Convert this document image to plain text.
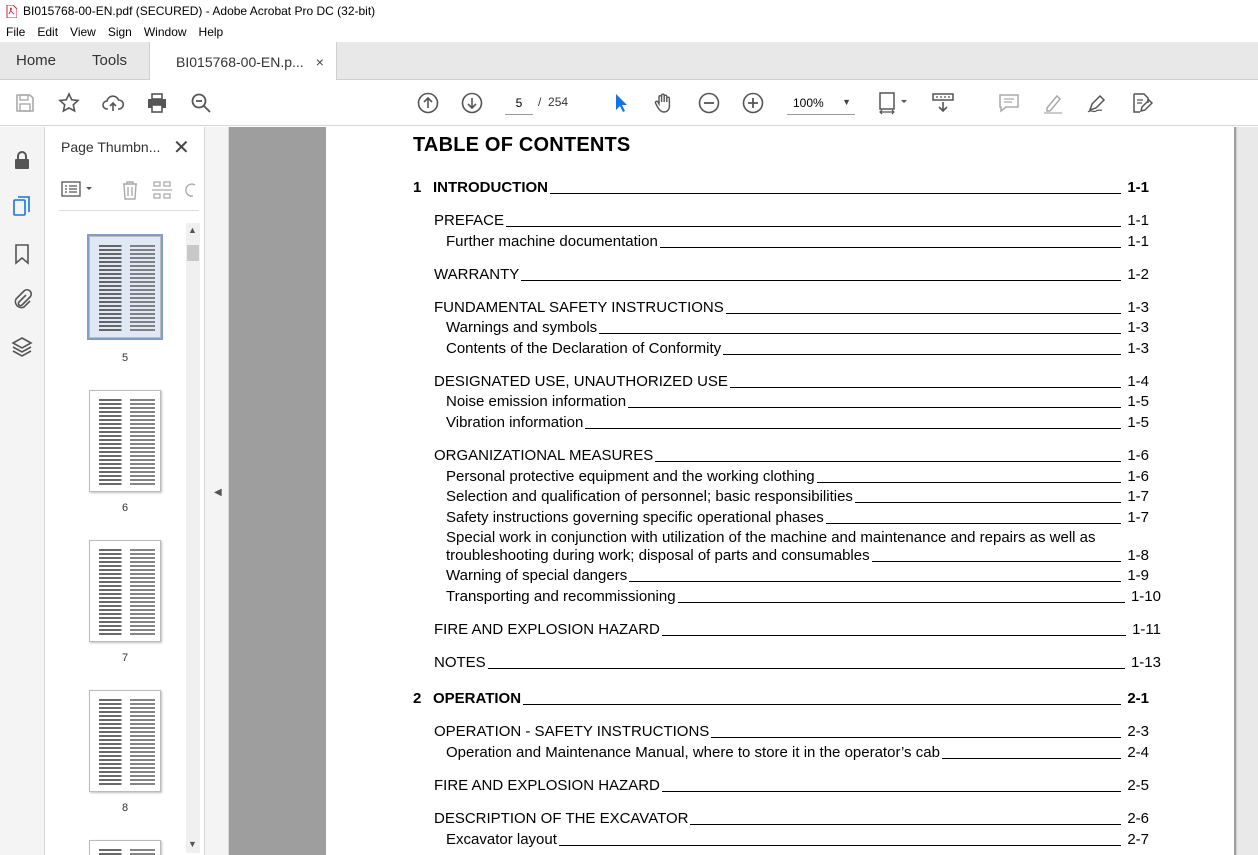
BI015768-00-EN.pdf (SECURED) - Adobe Acrobat Pro DC (32-bit)
File Edit View Sign Window Help
Home	Tools	BI015768-00-EN.p... ×
5	/ 254	100% ▼
Page Thumbn... ✕
5
6
7
8
▲
▼
◀
TABLE OF CONTENTS
1 INTRODUCTION	1-1
PREFACE	1-1
Further machine documentation	1-1
WARRANTY	1-2
FUNDAMENTAL SAFETY INSTRUCTIONS	1-3
Warnings and symbols	1-3
Contents of the Declaration of Conformity	1-3
DESIGNATED USE, UNAUTHORIZED USE	1-4
Noise emission information	1-5
Vibration information	1-5
ORGANIZATIONAL MEASURES	1-6
Personal protective equipment and the working clothing	1-6
Selection and qualification of personnel; basic responsibilities	1-7
Safety instructions governing specific operational phases	1-7
Special work in conjunction with utilization of the machine and maintenance and repairs as well as
troubleshooting during work; disposal of parts and consumables	1-8
Warning of special dangers	1-9
Transporting and recommissioning	1-10
FIRE AND EXPLOSION HAZARD	1-11
NOTES	1-13
2 OPERATION	2-1
OPERATION - SAFETY INSTRUCTIONS	2-3
Operation and Maintenance Manual, where to store it in the operator’s cab	2-4
FIRE AND EXPLOSION HAZARD	2-5
DESCRIPTION OF THE EXCAVATOR	2-6
Excavator layout	2-7
